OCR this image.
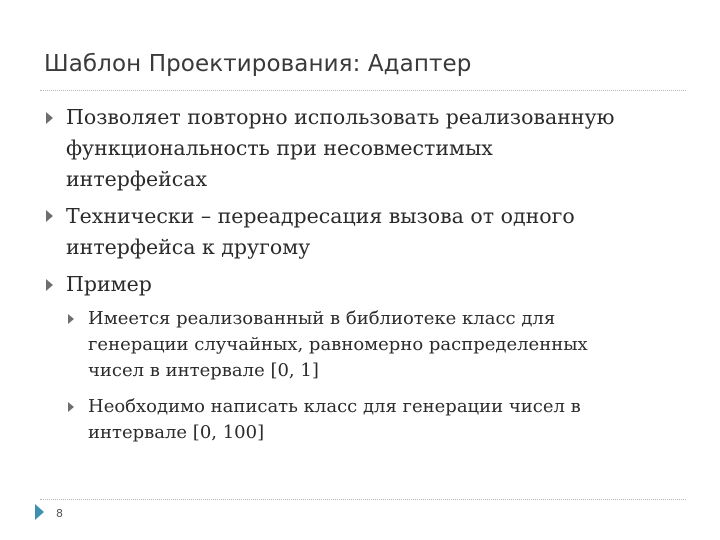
Шаблон Проектирования: Адаптер
Позволяет повторно использовать реализованную
функциональность при несовместимых
интерфейсах
Технически – переадресация вызова от одного
интерфейса к другому
Пример
Имеется реализованный в библиотеке класс для
генерации случайных, равномерно распределенных
чисел в интервале [0, 1]
Необходимо написать класс для генерации чисел в
интервале [0, 100]
8
